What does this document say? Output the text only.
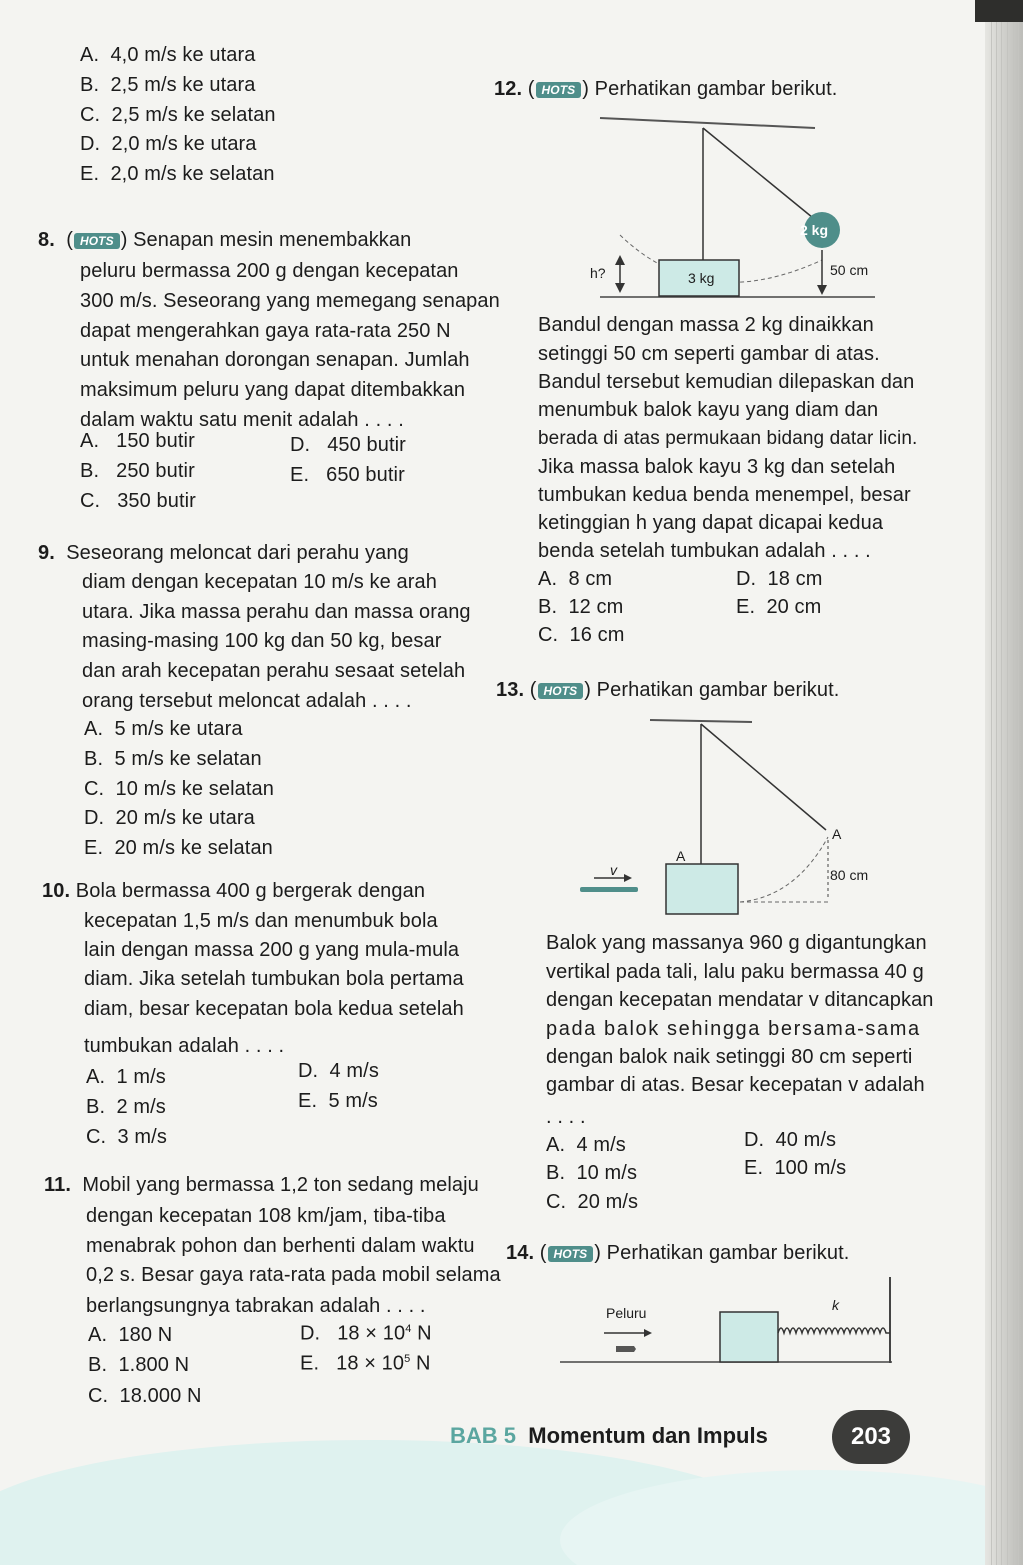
A. 4,0 m/s ke utara
B. 2,5 m/s ke utara
C. 2,5 m/s ke selatan
D. 2,0 m/s ke utara
E. 2,0 m/s ke selatan
8.  ( HOTS ) Senapan mesin menembakkan
peluru bermassa 200 g dengan kecepatan
300 m/s. Seseorang yang memegang senapan
dapat mengerahkan gaya rata-rata 250 N
untuk menahan dorongan senapan. Jumlah
maksimum peluru yang dapat ditembakkan
dalam waktu satu menit adalah . . . .
A. 150 butir	D. 450 butir
B. 250 butir	E. 650 butir
C. 350 butir
9. Seseorang meloncat dari perahu yang
diam dengan kecepatan 10 m/s ke arah
utara. Jika massa perahu dan massa orang
masing-masing 100 kg dan 50 kg, besar
dan arah kecepatan perahu sesaat setelah
orang tersebut meloncat adalah . . . .
A. 5 m/s ke utara
B. 5 m/s ke selatan
C. 10 m/s ke selatan
D. 20 m/s ke utara
E. 20 m/s ke selatan
10. Bola bermassa 400 g bergerak dengan
kecepatan 1,5 m/s dan menumbuk bola
lain dengan massa 200 g yang mula-mula
diam. Jika setelah tumbukan bola pertama
diam, besar kecepatan bola kedua setelah
tumbukan adalah . . . .
A. 1 m/s	D. 4 m/s
B. 2 m/s	E. 5 m/s
C. 3 m/s
11. Mobil yang bermassa 1,2 ton sedang melaju
dengan kecepatan 108 km/jam, tiba-tiba
menabrak pohon dan berhenti dalam waktu
0,2 s. Besar gaya rata-rata pada mobil selama
berlangsungnya tabrakan adalah . . . .
A. 180 N	D. $18 \times 10^4$ N
B. 1.800 N	E. $18 \times 10^5$ N
C. 18.000 N
12. ( HOTS ) Perhatikan gambar berikut.
2 kg
3 kg
h?	50 cm
Bandul dengan massa 2 kg dinaikkan
setinggi 50 cm seperti gambar di atas.
Bandul tersebut kemudian dilepaskan dan
menumbuk balok kayu yang diam dan
berada di atas permukaan bidang datar licin.
Jika massa balok kayu 3 kg dan setelah
tumbukan kedua benda menempel, besar
ketinggian h yang dapat dicapai kedua
benda setelah tumbukan adalah . . . .
A. 8 cm	D. 18 cm
B. 12 cm	E. 20 cm
C. 16 cm
13. ( HOTS ) Perhatikan gambar berikut.
A
A
v	80 cm
Balok yang massanya 960 g digantungkan
vertikal pada tali, lalu paku bermassa 40 g
dengan kecepatan mendatar v ditancapkan
pada balok sehingga bersama-sama
dengan balok naik setinggi 80 cm seperti
gambar di atas. Besar kecepatan v adalah
. . . .
A. 4 m/s	D. 40 m/s
B. 10 m/s	E. 100 m/s
C. 20 m/s
14. ( HOTS ) Perhatikan gambar berikut.
Peluru	k
BAB 5 Momentum dan Impuls	203
